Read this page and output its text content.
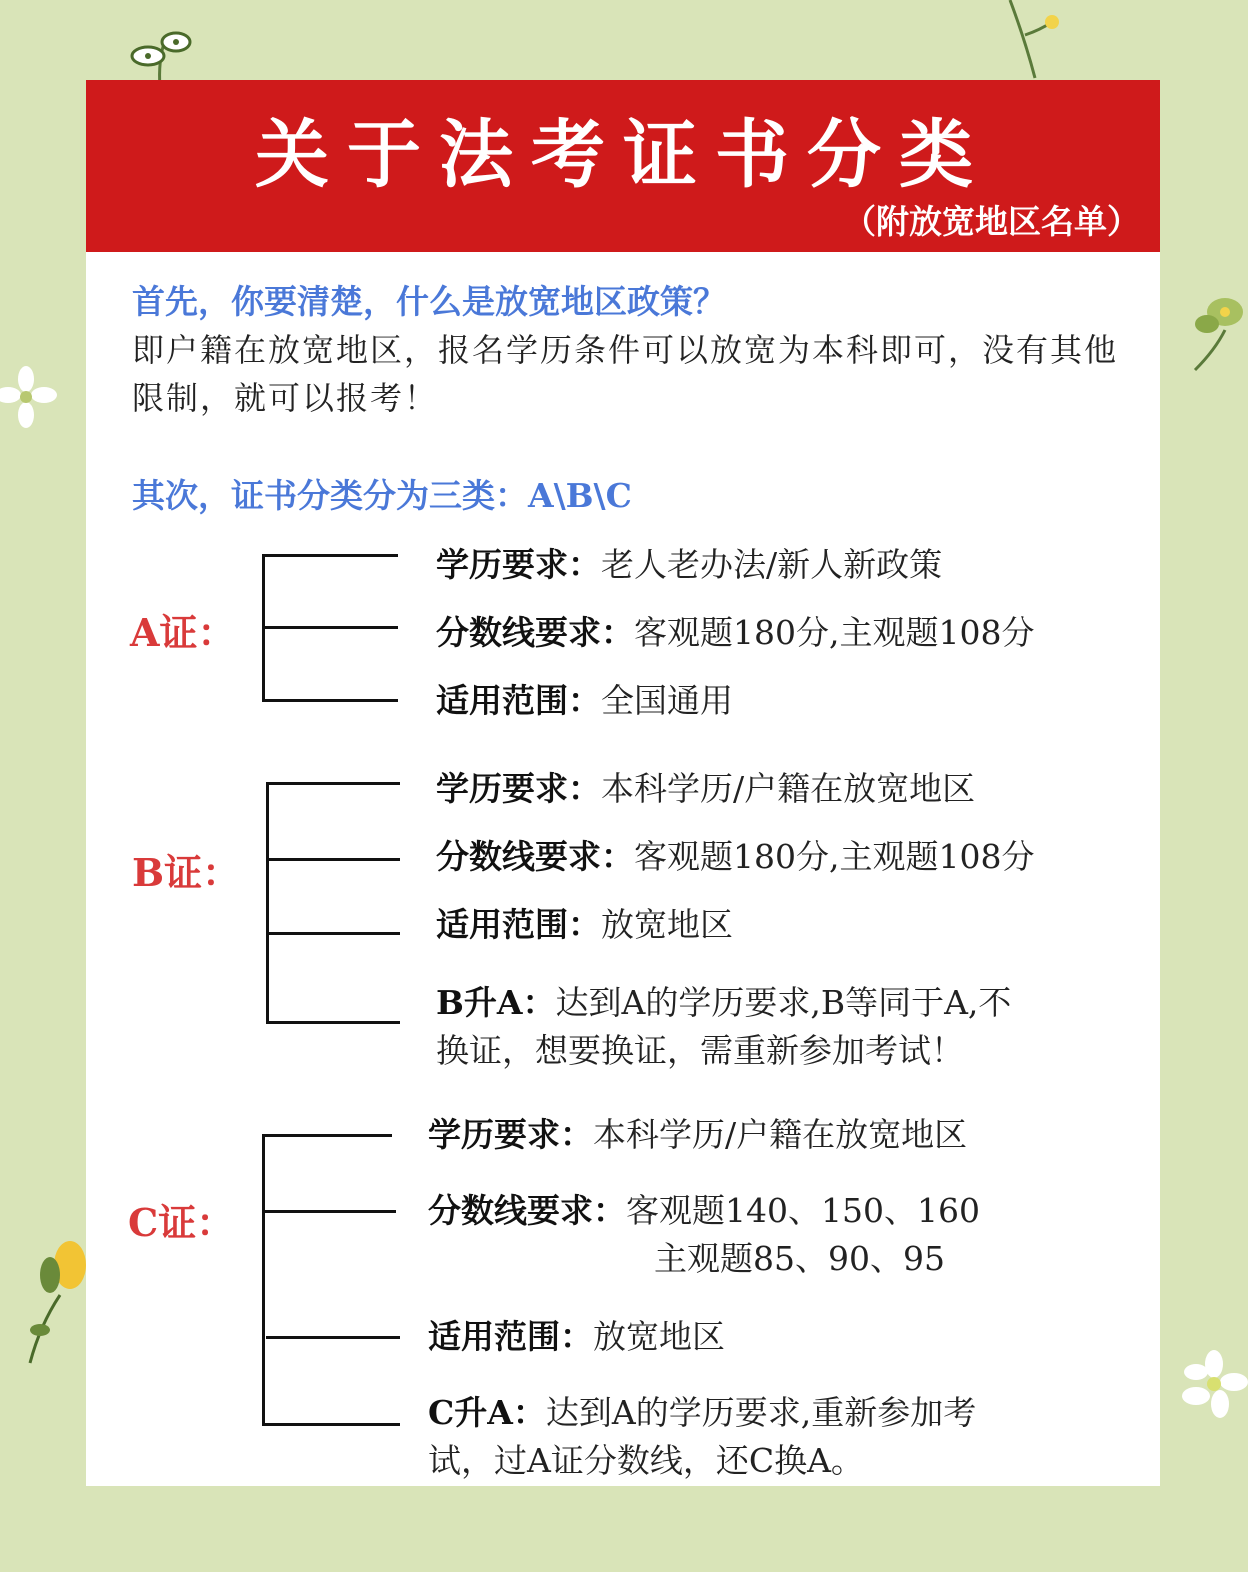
关于法考证书分类
（附放宽地区名单）
首先，你要清楚，什么是放宽地区政策？
即户籍在放宽地区，报名学历条件可以放宽为本科即可，没有其他限制，就可以报考！
其次，证书分类分为三类：A\B\C
A证：
学历要求：老人老办法/新人新政策
分数线要求：客观题180分,主观题108分
适用范围：全国通用
B证：
学历要求：本科学历/户籍在放宽地区
分数线要求：客观题180分,主观题108分
适用范围：放宽地区
B升A：达到A的学历要求,B等同于A,不
换证，想要换证，需重新参加考试！
C证：
学历要求：本科学历/户籍在放宽地区
分数线要求：客观题140、150、160
主观题85、90、95
适用范围：放宽地区
C升A：达到A的学历要求,重新参加考
试，过A证分数线，还C换A。
